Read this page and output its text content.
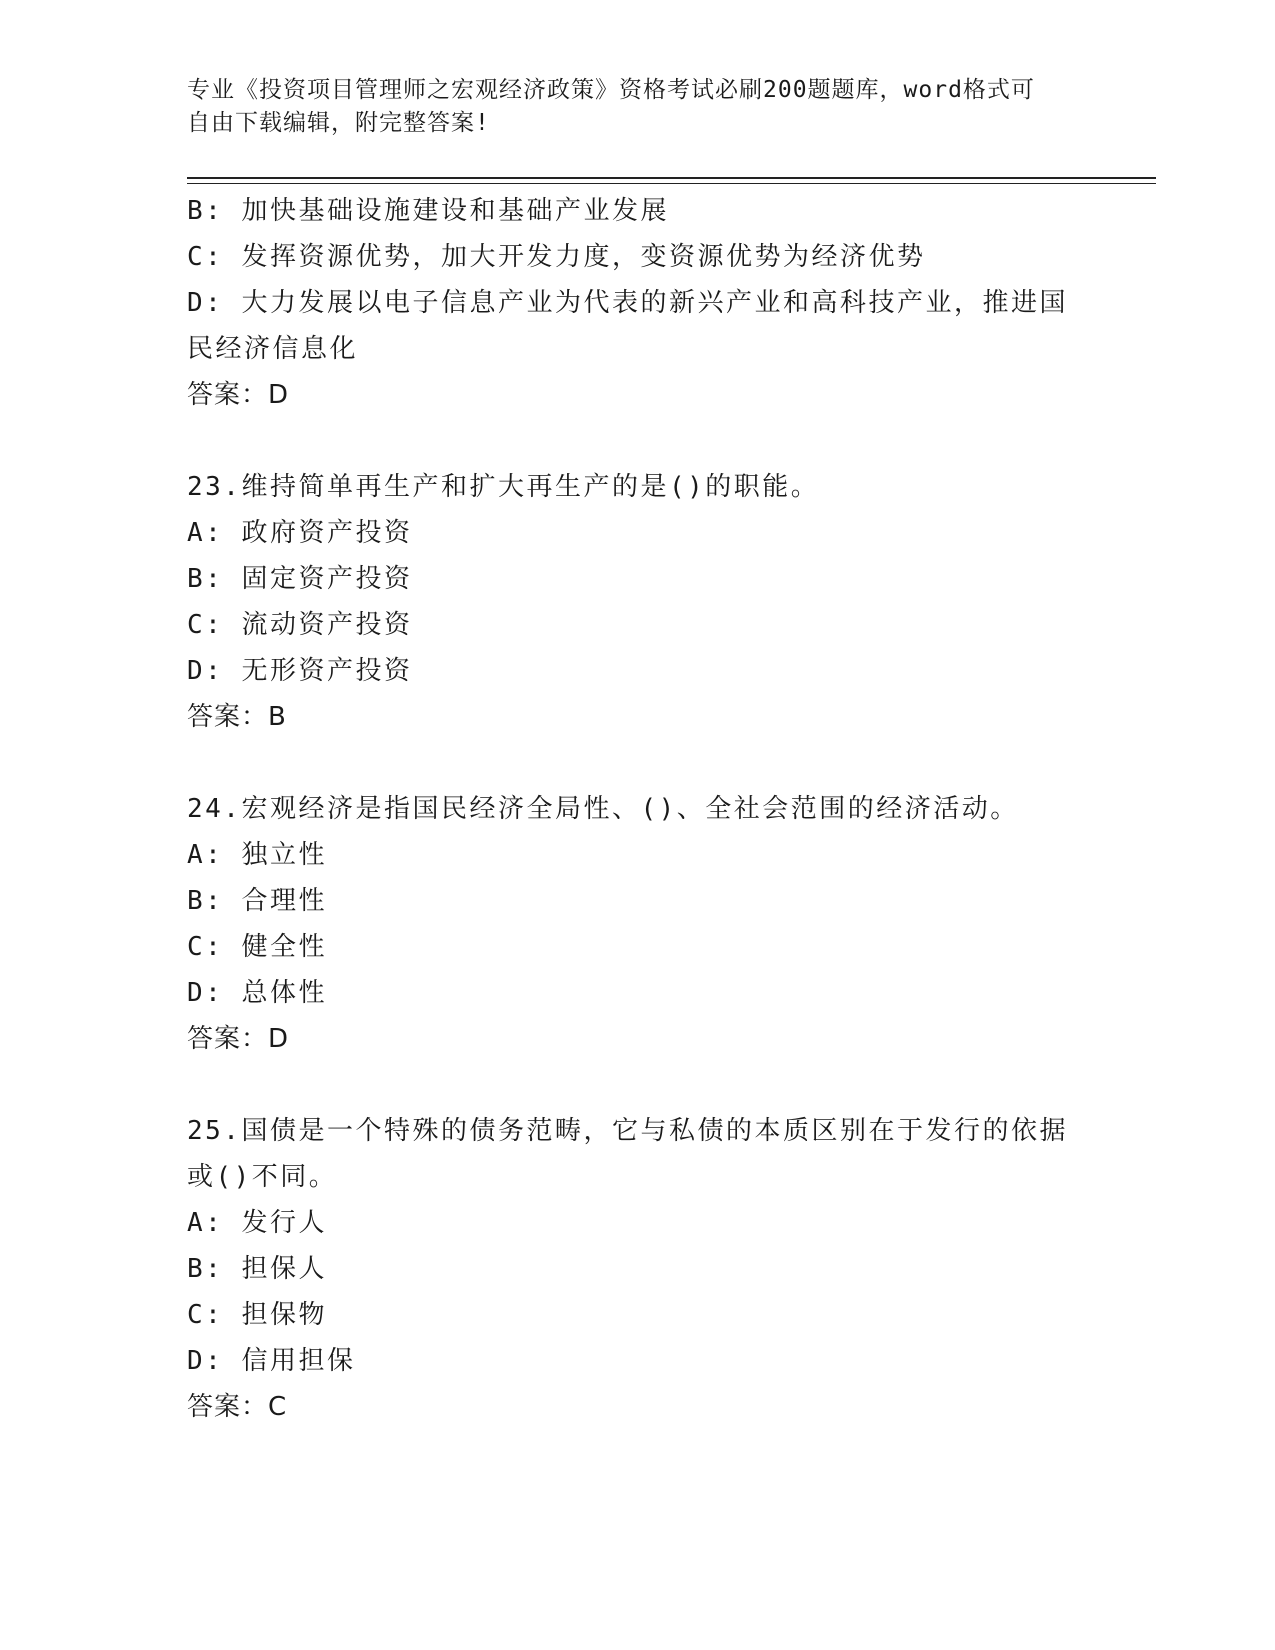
专业《投资项目管理师之宏观经济政策》资格考试必刷200题题库，word格式可
自由下载编辑，附完整答案!
B: 加快基础设施建设和基础产业发展
C: 发挥资源优势，加大开发力度，变资源优势为经济优势
D: 大力发展以电子信息产业为代表的新兴产业和高科技产业，推进国
民经济信息化
答案：D
23.维持简单再生产和扩大再生产的是()的职能。
A: 政府资产投资
B: 固定资产投资
C: 流动资产投资
D: 无形资产投资
答案：B
24.宏观经济是指国民经济全局性、()、全社会范围的经济活动。
A: 独立性
B: 合理性
C: 健全性
D: 总体性
答案：D
25.国债是一个特殊的债务范畴，它与私债的本质区别在于发行的依据
或()不同。
A: 发行人
B: 担保人
C: 担保物
D: 信用担保
答案：C
